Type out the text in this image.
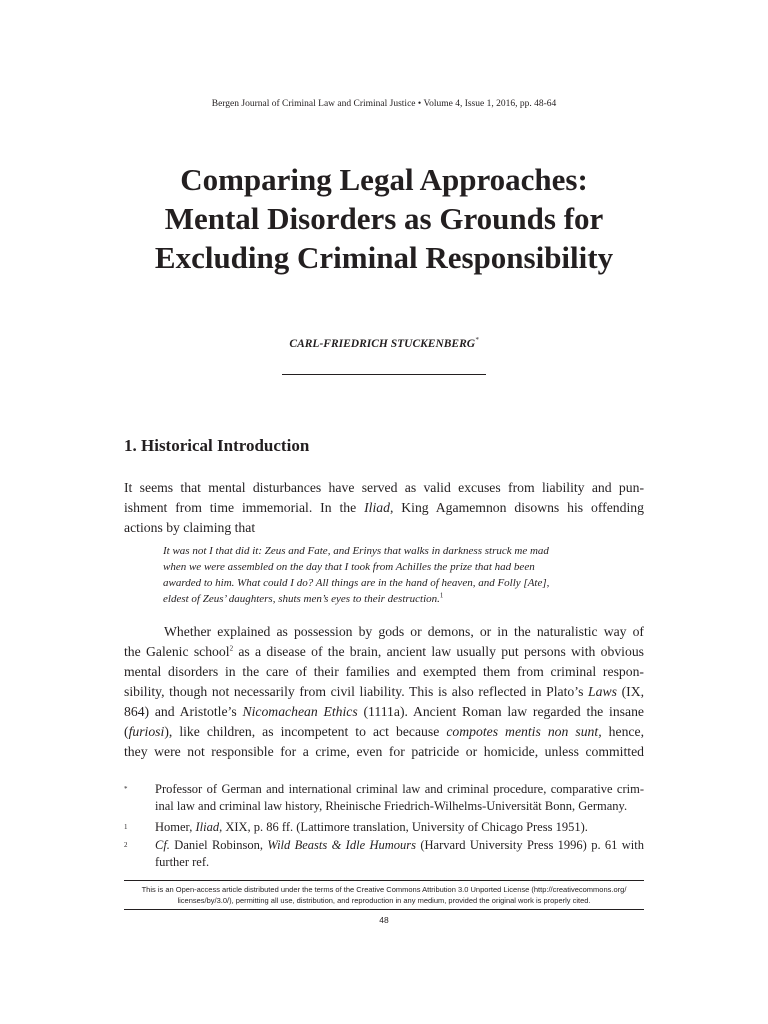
Bergen Journal of Criminal Law and Criminal Justice • Volume 4, Issue 1, 2016, pp. 48-64
Comparing Legal Approaches:
Mental Disorders as Grounds for
Excluding Criminal Responsibility
CARL-FRIEDRICH STUCKENBERG*
1. Historical Introduction
It seems that mental disturbances have served as valid excuses from liability and pun-
ishment from time immemorial. In the Iliad, King Agamemnon disowns his offending
actions by claiming that
It was not I that did it: Zeus and Fate, and Erinys that walks in darkness struck me mad
when we were assembled on the day that I took from Achilles the prize that had been
awarded to him. What could I do? All things are in the hand of heaven, and Folly [Ate],
eldest of Zeus’ daughters, shuts men’s eyes to their destruction.$^1$
Whether explained as possession by gods or demons, or in the naturalistic way of
the Galenic school$^2$ as a disease of the brain, ancient law usually put persons with obvious
mental disorders in the care of their families and exempted them from criminal respon-
sibility, though not necessarily from civil liability. This is also reflected in Plato’s Laws (IX,
864) and Aristotle’s Nicomachean Ethics (1111a). Ancient Roman law regarded the insane
(furiosi), like children, as incompetent to act because compotes mentis non sunt, hence,
they were not responsible for a crime, even for patricide or homicide, unless committed
* Professor of German and international criminal law and criminal procedure, comparative crim-
inal law and criminal law history, Rheinische Friedrich-Wilhelms-Universität Bonn, Germany.
1 Homer, Iliad, XIX, p. 86 ff. (Lattimore translation, University of Chicago Press 1951).
2 Cf. Daniel Robinson, Wild Beasts & Idle Humours (Harvard University Press 1996) p. 61 with
further ref.
This is an Open-access article distributed under the terms of the Creative Commons Attribution 3.0 Unported License (http://creativecommons.org/
licenses/by/3.0/), permitting all use, distribution, and reproduction in any medium, provided the original work is properly cited.
48
